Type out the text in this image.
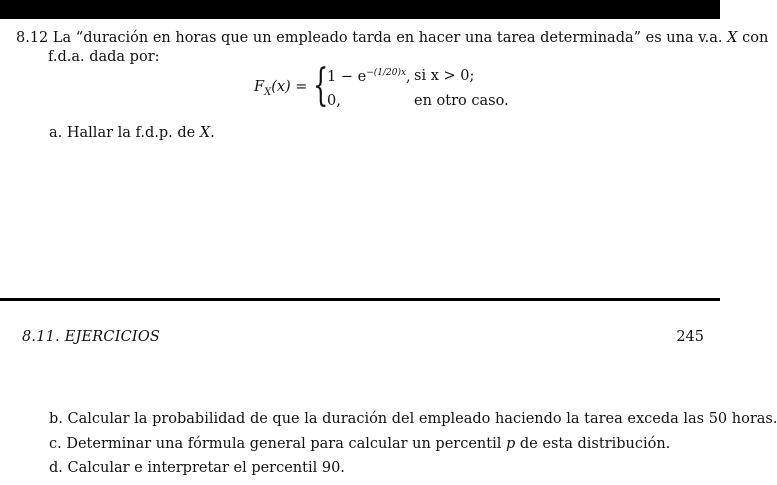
8.12 La “duración en horas que un empleado tarda en hacer una tarea determinada” es una v.a. X con
f.d.a. dada por:
$F_X(x)$ = {
$1 - e^{-(1/20)x}$,
0,
si x > 0;
en otro caso.
a. Hallar la f.d.p. de X.
8.11. EJERCICIOS	245
b. Calcular la probabilidad de que la duración del empleado haciendo la tarea exceda las 50 horas.
c. Determinar una fórmula general para calcular un percentil p de esta distribución.
d. Calcular e interpretar el percentil 90.
